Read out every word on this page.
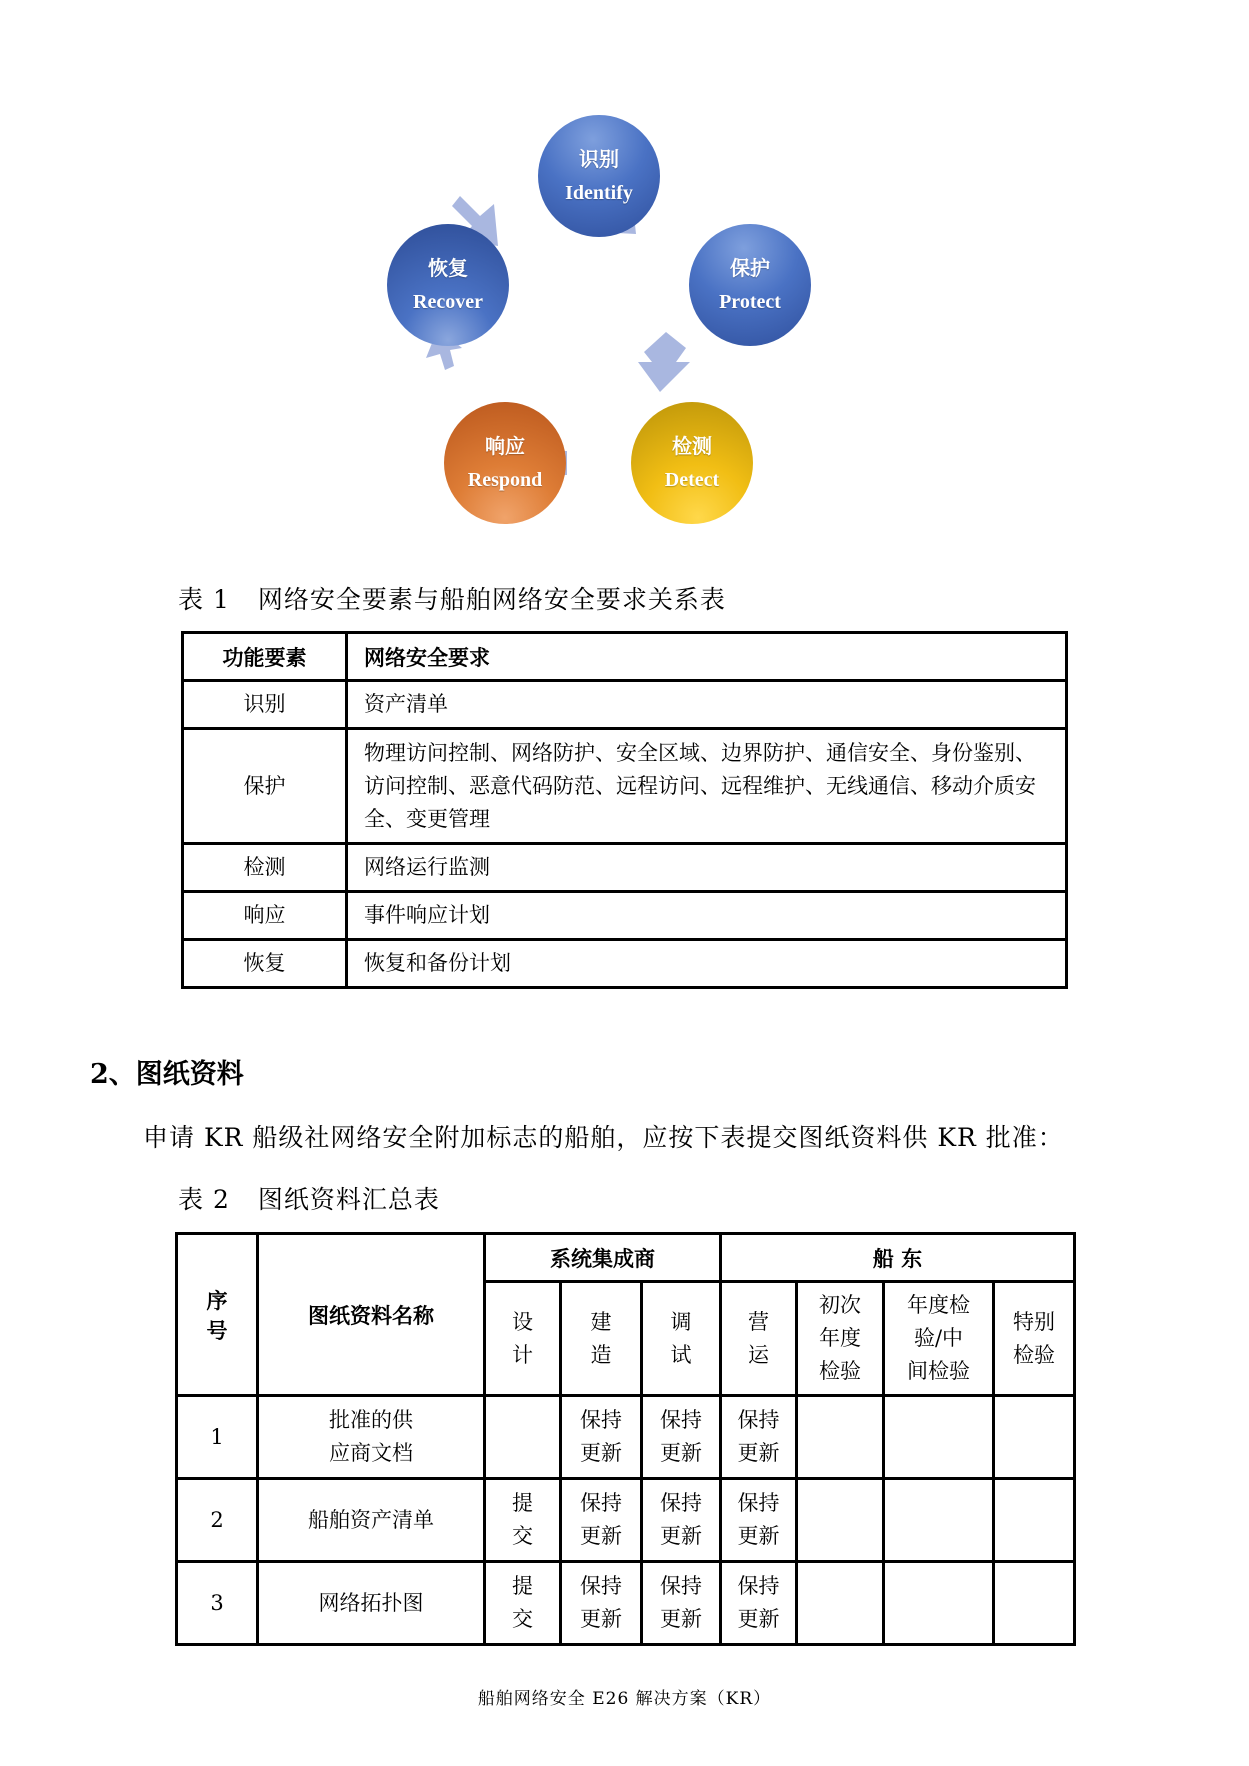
识别
Identify
保护
Protect
检测
Detect
响应
Respond
恢复
Recover
表 1 网络安全要素与船舶网络安全要求关系表
功能要素	网络安全要求
识别	资产清单
保护	物理访问控制、网络防护、安全区域、边界防护、通信安全、身份鉴别、访问控制、恶意代码防范、远程访问、远程维护、无线通信、移动介质安全、变更管理
检测	网络运行监测
响应	事件响应计划
恢复	恢复和备份计划
2、图纸资料
申请 KR 船级社网络安全附加标志的船舶，应按下表提交图纸资料供 KR 批准：
表 2 图纸资料汇总表
序号	图纸资料名称	系统集成商			船 东			
		设计	建造	调试	营运	初次年度检验	年度检验/中间检验	特别检验
1	批准的供应商文档		保持更新	保持更新	保持更新			
2	船舶资产清单	提交	保持更新	保持更新	保持更新			
3	网络拓扑图	提交	保持更新	保持更新	保持更新			
船舶网络安全 E26 解决方案（KR）
